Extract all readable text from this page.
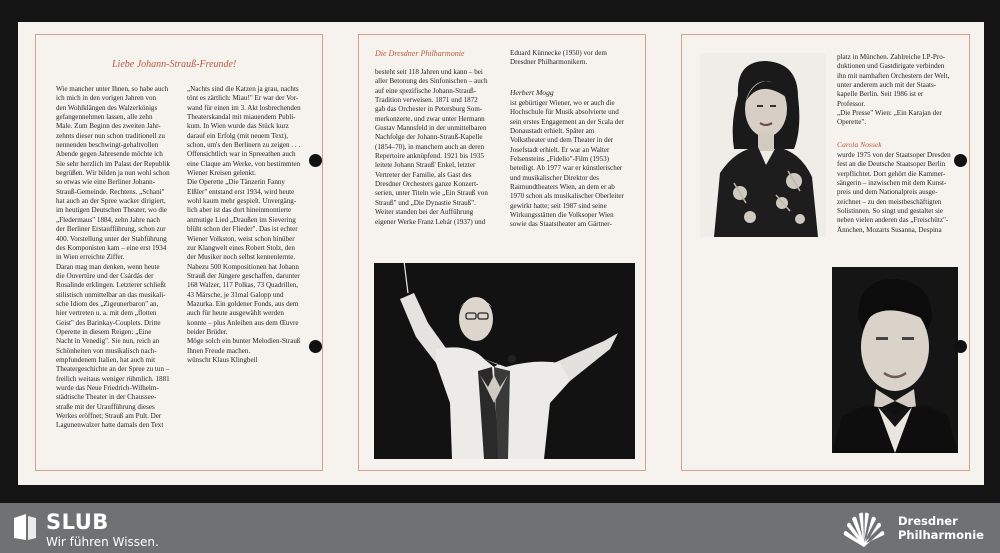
Liebe Johann-Strauß-Freunde!
Wie mancher unter Ihnen, so habe auch
ich mich in den vorigen Jahren von
den Wohlklängen des Walzerkönigs
gefangennehmen lassen, alle zehn
Male. Zum Beginn des zweiten Jahr-
zehnts dieser nun schon traditionell zu
nennenden beschwingt-gehaltvollen
Abende gegen Jahresende möchte ich
Sie sehr herzlich im Palast der Republik
begrüßen. Wir bilden ja nun wohl schon
so etwas wie eine Berliner Johann-
Strauß-Gemeinde. Rechtens. „Schani"
hat auch an der Spree wacker dirigiert,
im heutigen Deutschen Theater, wo die
„Fledermaus" 1884, zehn Jahre nach
der Berliner Erstaufführung, schon zur
400. Vorstellung unter der Stabführung
des Komponisten kam – eine erst 1934
in Wien erreichte Ziffer.
Daran mag man denken, wenn heute
die Ouvertüre und der Csárdás der
Rosalinde erklingen. Letzterer schließt
stilistisch unmittelbar an das musikali-
sche Idiom des „Zigeunerbaron" an,
hier vertreten u. a. mit dem „flotten
Geist" des Barinkay-Couplets. Dritte
Operette in diesem Reigen: „Eine
Nacht in Venedig". Sie nun, reich an
Schönheiten von musikalisch nach-
empfundenem Italien, hat auch mit
Theatergeschichte an der Spree zu tun –
freilich weitaus weniger rühmlich. 1881
wurde das Neue Friedrich-Wilhelm-
städtische Theater in der Chaussee-
straße mit der Uraufführung dieses
Werkes eröffnet; Strauß am Pult. Der
Lagunenwalzer hatte damals den Text
„Nachts sind die Katzen ja grau, nachts
tönt es zärtlich: Miau!" Er war der Vor-
wand für einen im 3. Akt losbrechenden
Theaterskandal mit miauendem Publi-
kum. In Wien wurde das Stück kurz
darauf ein Erfolg (mit neuem Text),
schon, um's den Berlinern zu zeigen . . .
Offensichtlich war in Spreeathen auch
eine Claque am Werke, von bestimmten
Wiener Kreisen gelenkt.
Die Operette „Die Tänzerin Fanny
Elßler" entstand erst 1934, wird heute
wohl kaum mehr gespielt. Unvergäng-
lich aber ist das dort hineinmontierte
anmutige Lied „Draußen im Sievering
blüht schon der Flieder". Das ist echter
Wiener Volkston, weist schon hinüber
zur Klangwelt eines Robert Stolz, den
der Musiker noch selbst kennenlernte.
Nahezu 500 Kompositionen hat Johann
Strauß der Jüngere geschaffen, darunter
168 Walzer, 117 Polkas, 73 Quadrillen,
43 Märsche, je 31mal Galopp und
Mazurka. Ein goldener Fonds, aus dem
auch für heute ausgewählt werden
konnte – plus Anleihen aus dem Œuvre
beider Brüder.
Möge solch ein bunter Melodien-Strauß
Ihnen Freude machen.
wünscht Klaus Klingbeil
Die Dresdner Philharmonie
besteht seit 118 Jahren und kann – bei
aller Betonung des Sinfonischen – auch
auf eine spezifische Johann-Strauß-
Tradition verweisen. 1871 und 1872
gab das Orchester in Petersburg Som-
merkonzerte, und zwar unter Hermann
Gustav Mannsfeld in der unmittelbaren
Nachfolge der Johann-Strauß-Kapelle
(1854–70), in manchem auch an deren
Repertoire anknüpfend. 1921 bis 1935
leitete Johann Strauß' Enkel, letzter
Vertreter der Familie, als Gast des
Dresdner Orchesters ganze Konzert-
serien, unter Titeln wie „Ein Strauß von
Strauß" und „Die Dynastie Strauß".
Weiter standen bei der Aufführung
eigener Werke Franz Lehár (1937) und
Eduard Künnecke (1950) vor dem
Dresdner Philharmonikern.
Herbert Mogg
ist gebürtiger Wiener, wo er auch die
Hochschule für Musik absolvierte und
sein erstes Engagement an der Scala der
Donaustadt erhielt. Später am
Volkstheater und dem Theater in der
Josefstadt erhielt. Er war an Walter
Felsensteins „Fidelio"-Film (1953)
beteiligt. Ab 1977 war er künstlerischer
und musikalischer Direktor des
Raimundtheaters Wien, an dem er ab
1970 schon als musikalischer Oberleiter
gewirkt hatte; seit 1987 sind seine
Wirkungsstätten die Volksoper Wien
sowie das Staatstheater am Gärtner-
platz in München. Zahlreiche LP-Pro-
duktionen und Gastdirigate verbinden
ihn mit namhaften Orchestern der Welt,
unter anderem auch mit der Staats-
kapelle Berlin. Seit 1986 ist er
Professor.
„Die Presse" Wien: „Ein Karajan der
Operette".
Carola Nossek
wurde 1975 von der Staatsoper Dresden
fest an die Deutsche Staatsoper Berlin
verpflichtet. Dort gehört die Kammer-
sängerin – inzwischen mit dem Kunst-
preis und dem Nationalpreis ausge-
zeichnet – zu den meistbeschäftigten
Solistinnen. So singt und gestaltet sie
neben vielen anderen das „Freischütz"-
Ännchen, Mozarts Susanna, Despina
SLUB
Wir führen Wissen.
Dresdner
Philharmonie
